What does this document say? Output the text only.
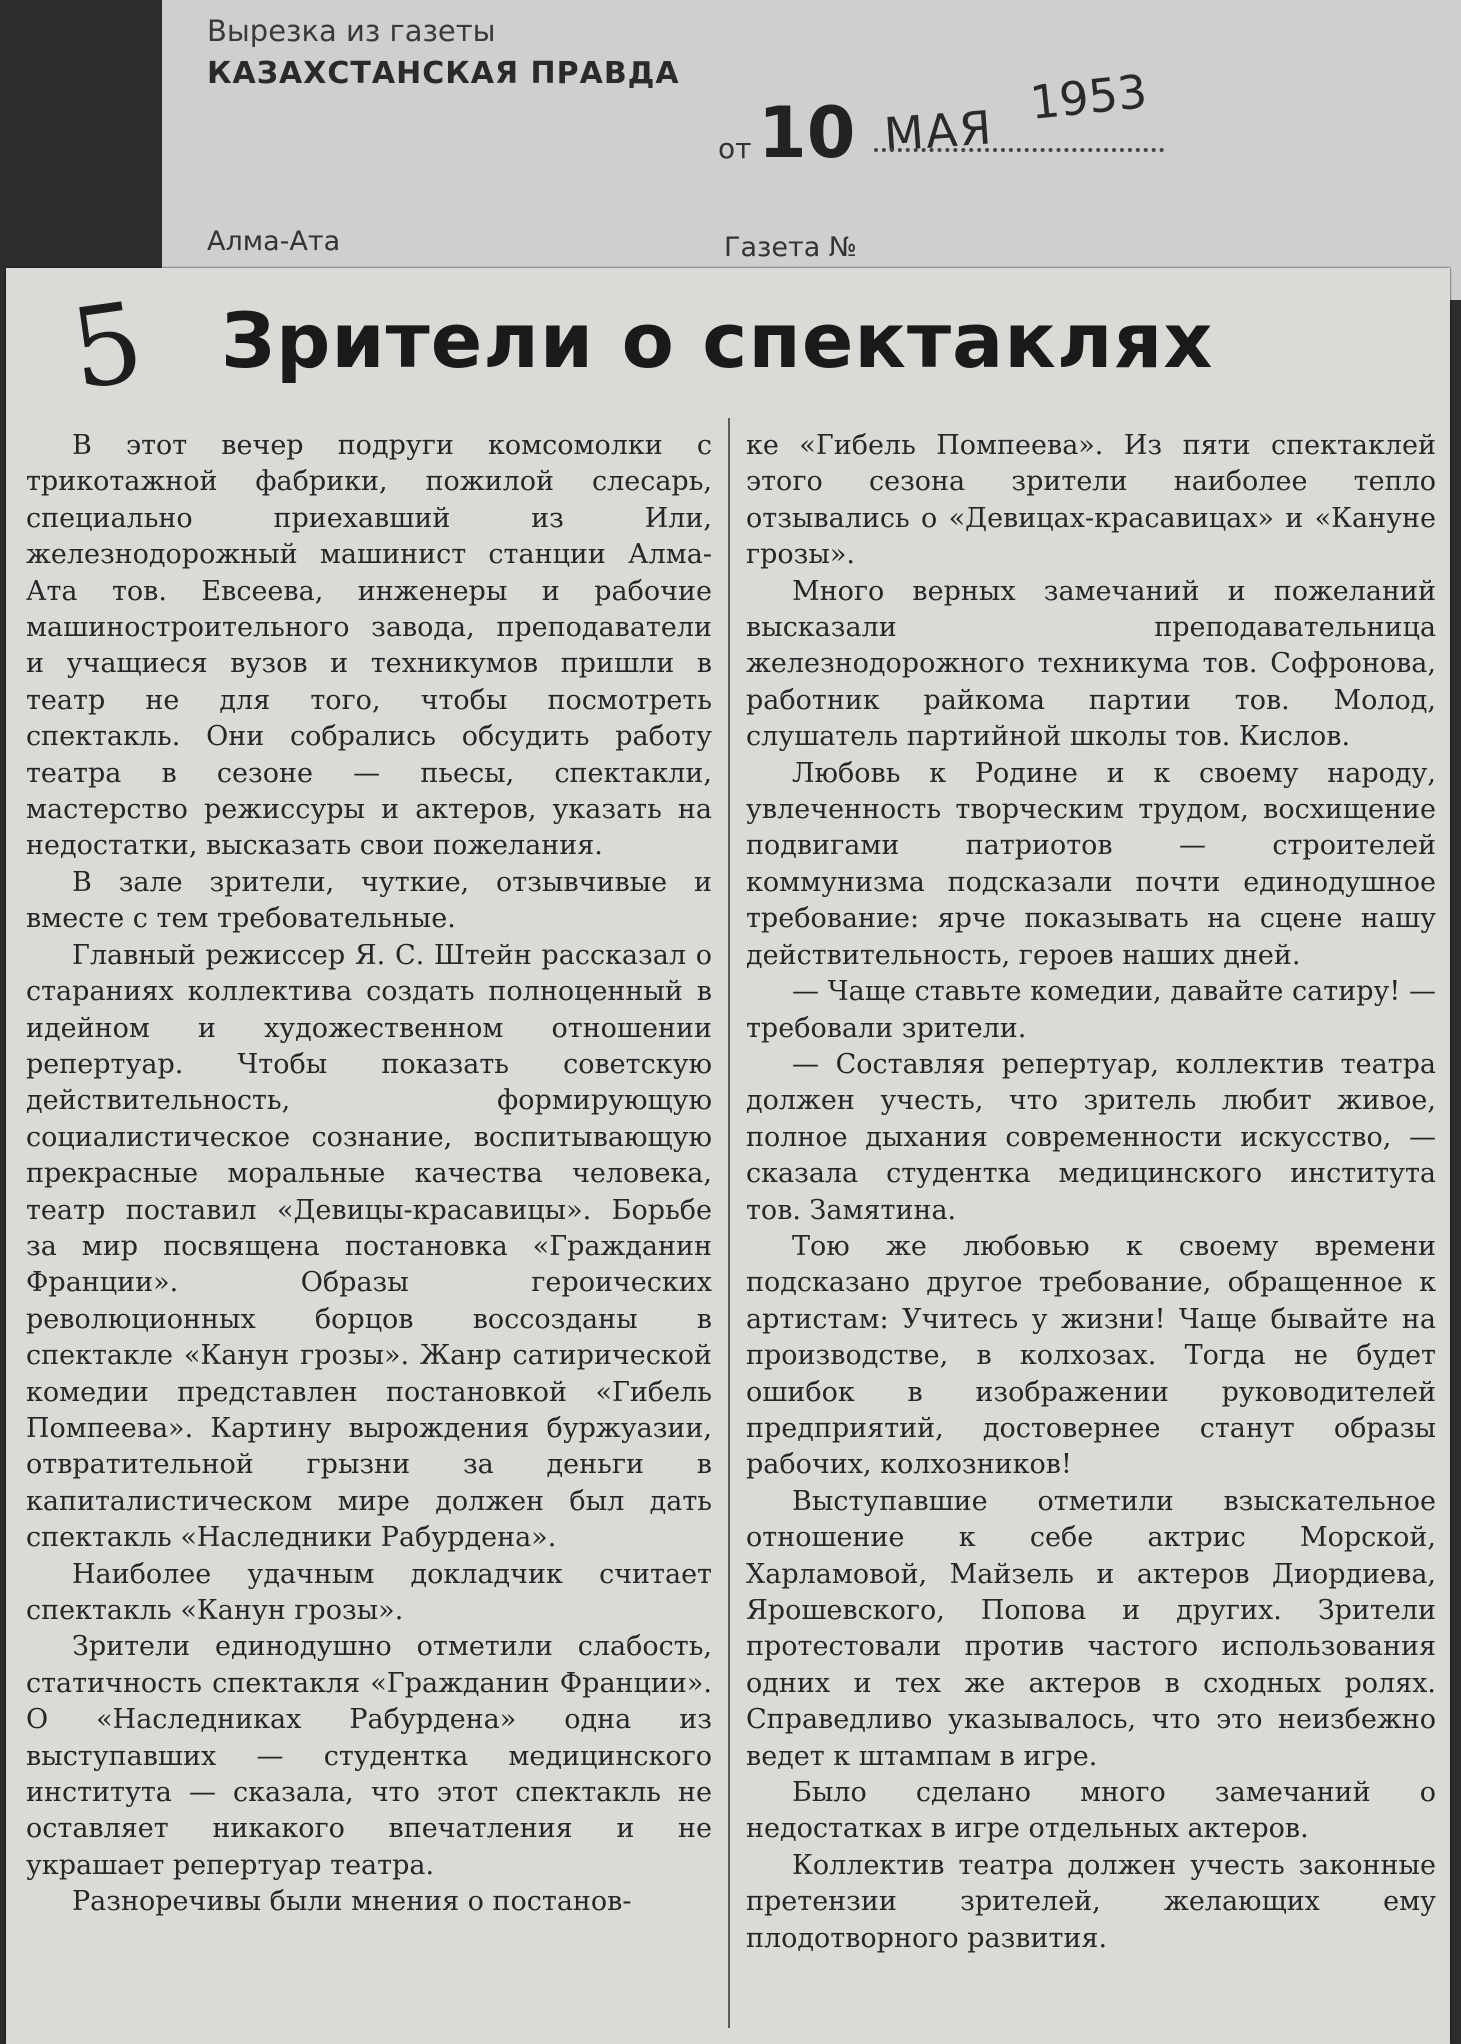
Вырезка из газеты
КАЗАХСТАНСКАЯ ПРАВДА
от 10 МАЯ
1953
Алма-Ата	Газета №
5 Зрители о спектаклях

В этот вечер подруги комсомолки с трикотажной фабрики, пожилой слесарь, специально приехавший из Или, железнодорожный машинист станции Алма-Ата тов. Евсеева, инженеры и рабочие машиностроительного завода, преподаватели и учащиеся вузов и техникумов пришли в театр не для того, чтобы посмотреть спектакль. Они собрались обсудить работу театра в сезоне — пьесы, спектакли, мастерство режиссуры и актеров, указать на недостатки, высказать свои пожелания.

В зале зрители, чуткие, отзывчивые и вместе с тем требовательные.

Главный режиссер Я. С. Штейн рассказал о стараниях коллектива создать полноценный в идейном и художественном отношении репертуар. Чтобы показать советскую действительность, формирующую социалистическое сознание, воспитывающую прекрасные моральные качества человека, театр поставил «Девицы-красавицы». Борьбе за мир посвящена постановка «Гражданин Франции». Образы героических революционных борцов воссозданы в спектакле «Канун грозы». Жанр сатирической комедии представлен постановкой «Гибель Помпеева». Картину вырождения буржуазии, отвратительной грызни за деньги в капиталистическом мире должен был дать спектакль «Наследники Рабурдена».

Наиболее удачным докладчик считает спектакль «Канун грозы».

Зрители единодушно отметили слабость, статичность спектакля «Гражданин Франции». О «Наследниках Рабурдена» одна из выступавших — студентка медицинского института — сказала, что этот спектакль не оставляет никакого впечатления и не украшает репертуар театра.

Разноречивы были мнения о постанов-

ке «Гибель Помпеева». Из пяти спектаклей этого сезона зрители наиболее тепло отзывались о «Девицах-красавицах» и «Кануне грозы».

Много верных замечаний и пожеланий высказали преподавательница железнодорожного техникума тов. Софронова, работник райкома партии тов. Молод, слушатель партийной школы тов. Кислов.

Любовь к Родине и к своему народу, увлеченность творческим трудом, восхищение подвигами патриотов — строителей коммунизма подсказали почти единодушное требование: ярче показывать на сцене нашу действительность, героев наших дней.

— Чаще ставьте комедии, давайте сатиру! — требовали зрители.

— Составляя репертуар, коллектив театра должен учесть, что зритель любит живое, полное дыхания современности искусство, — сказала студентка медицинского института тов. Замятина.

Тою же любовью к своему времени подсказано другое требование, обращенное к артистам: Учитесь у жизни! Чаще бывайте на производстве, в колхозах. Тогда не будет ошибок в изображении руководителей предприятий, достовернее станут образы рабочих, колхозников!

Выступавшие отметили взыскательное отношение к себе актрис Морской, Харламовой, Майзель и актеров Диордиева, Ярошевского, Попова и других. Зрители протестовали против частого использования одних и тех же актеров в сходных ролях. Справедливо указывалось, что это неизбежно ведет к штампам в игре.

Было сделано много замечаний о недостатках в игре отдельных актеров.

Коллектив театра должен учесть законные претензии зрителей, желающих ему плодотворного развития.
